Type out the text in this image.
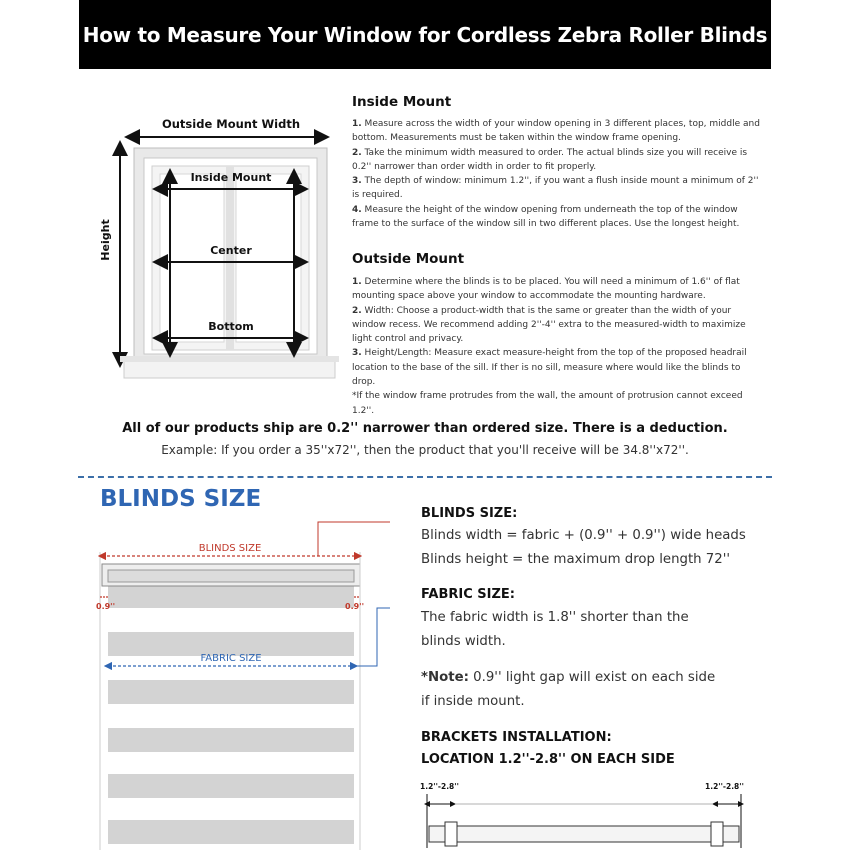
How to Measure Your Window for Cordless Zebra Roller Blinds
Outside Mount Width
Height
Inside Mount
Center
Bottom
Inside Mount
1. Measure across the width of your window opening in 3 different places, top, middle and bottom. Measurements must be taken within the window frame opening.
2. Take the minimum width measured to order. The actual blinds size you will receive is 0.2'' narrower than order width in order to fit properly.
3. The depth of window: minimum 1.2'', if you want a flush inside mount a minimum of 2'' is required.
4. Measure the height of the window opening from underneath the top of the window frame to the surface of the window sill in two different places. Use the longest height.
Outside Mount
1. Determine where the blinds is to be placed. You will need a minimum of 1.6'' of flat mounting space above your window to accommodate the mounting hardware.
2. Width: Choose a product-width that is the same or greater than the width of your window recess. We recommend adding 2''-4'' extra to the measured-width to maximize light control and privacy.
3. Height/Length: Measure exact measure-height from the top of the proposed headrail location to the base of the sill. If ther is no sill, measure where would like the blinds to drop.
*If the window frame protrudes from the wall, the amount of protrusion cannot exceed 1.2''.
All of our products ship are 0.2'' narrower than ordered size. There is a deduction.
Example: If you order a 35''x72'', then the product that you'll receive will be 34.8''x72''.
BLINDS SIZE
BLINDS SIZE
0.9''	0.9''
FABRIC SIZE
BLINDS SIZE:
Blinds width = fabric + (0.9'' + 0.9'') wide heads
Blinds height = the maximum drop length 72''
FABRIC SIZE:
The fabric width is 1.8'' shorter than the blinds width.
*Note: 0.9'' light gap will exist on each side if inside mount.
BRACKETS INSTALLATION:
LOCATION 1.2''-2.8'' ON EACH SIDE
1.2''-2.8''	1.2''-2.8''
